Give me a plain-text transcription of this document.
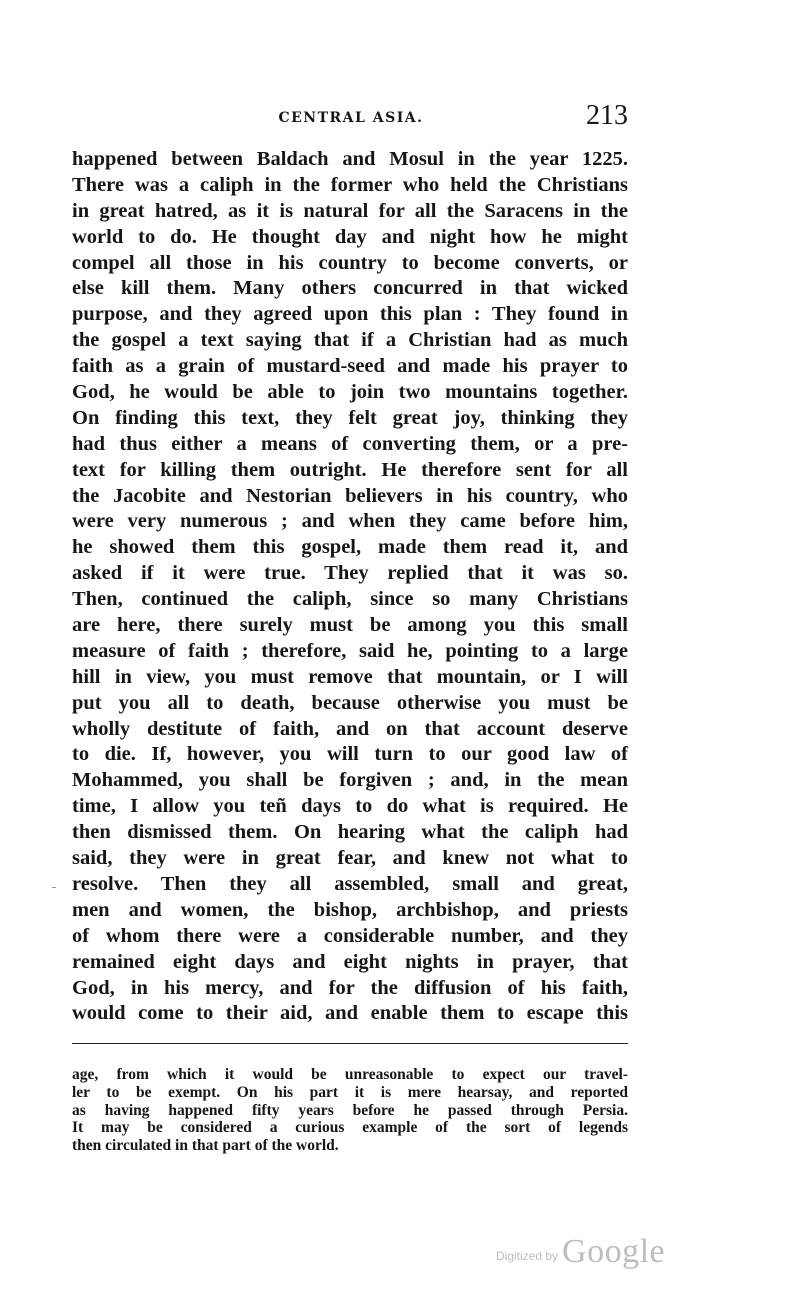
CENTRAL ASIA.	213
happened between Baldach and Mosul in the year 1225.
There was a caliph in the former who held the Christians
in great hatred, as it is natural for all the Saracens in the
world to do. He thought day and night how he might
compel all those in his country to become converts, or
else kill them. Many others concurred in that wicked
purpose, and they agreed upon this plan : They found in
the gospel a text saying that if a Christian had as much
faith as a grain of mustard-seed and made his prayer to
God, he would be able to join two mountains together.
On finding this text, they felt great joy, thinking they
had thus either a means of converting them, or a pre-
text for killing them outright. He therefore sent for all
the Jacobite and Nestorian believers in his country, who
were very numerous ; and when they came before him,
he showed them this gospel, made them read it, and
asked if it were true. They replied that it was so.
Then, continued the caliph, since so many Christians
are here, there surely must be among you this small
measure of faith ; therefore, said he, pointing to a large
hill in view, you must remove that mountain, or I will
put you all to death, because otherwise you must be
wholly destitute of faith, and on that account deserve
to die. If, however, you will turn to our good law of
Mohammed, you shall be forgiven ; and, in the mean
time, I allow you teñ days to do what is required. He
then dismissed them. On hearing what the caliph had
said, they were in great fear, and knew not what to
resolve. Then they all assembled, small and great,
men and women, the bishop, archbishop, and priests
of whom there were a considerable number, and they
remained eight days and eight nights in prayer, that
God, in his mercy, and for the diffusion of his faith,
would come to their aid, and enable them to escape this
age, from which it would be unreasonable to expect our travel-
ler to be exempt. On his part it is mere hearsay, and reported
as having happened fifty years before he passed through Persia.
It may be considered a curious example of the sort of legends
then circulated in that part of the world.
Digitized by Google
